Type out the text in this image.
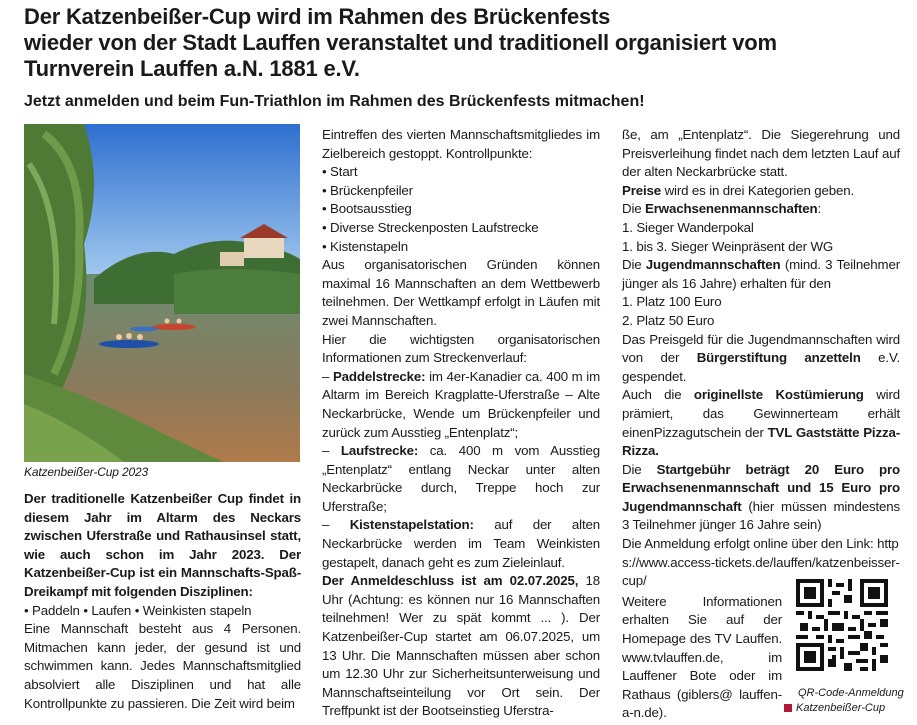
Der Katzenbeißer-Cup wird im Rahmen des Brückenfests
wieder von der Stadt Lauffen veranstaltet und traditionell organisiert vom
Turnverein Lauffen a.N. 1881 e.V.
Jetzt anmelden und beim Fun-Triathlon im Rahmen des Brückenfests mitmachen!
Katzenbeißer-Cup 2023

Der traditionelle Katzenbeißer Cup findet in diesem Jahr im Altarm des Neckars zwischen Uferstraße und Rathausinsel statt, wie auch schon im Jahr 2023. Der Katzenbeißer-Cup ist ein Mannschafts-Spaß-Dreikampf mit folgenden Disziplinen:

• Paddeln • Laufen • Weinkisten stapeln

Eine Mannschaft besteht aus 4 Personen. Mitmachen kann jeder, der gesund ist und schwimmen kann. Jedes Mannschaftsmitglied absolviert alle Disziplinen und hat alle Kontrollpunkte zu passieren. Die Zeit wird beim

Eintreffen des vierten Mannschaftsmitgliedes im Zielbereich gestoppt. Kontrollpunkte:

• Start

• Brückenpfeiler

• Bootsausstieg

• Diverse Streckenposten Laufstrecke

• Kistenstapeln

Aus organisatorischen Gründen können maximal 16 Mannschaften an dem Wettbewerb teilnehmen. Der Wettkampf erfolgt in Läufen mit zwei Mannschaften.

Hier die wichtigsten organisatorischen Informationen zum Streckenverlauf:

– Paddelstrecke: im 4er-Kanadier ca. 400 m im Altarm im Bereich Kragplatte-Uferstraße – Alte Neckarbrücke, Wende um Brückenpfeiler und zurück zum Ausstieg „Entenplatz“;

– Laufstrecke: ca. 400 m vom Ausstieg „Entenplatz“ entlang Neckar unter alten Neckarbrücke durch, Treppe hoch zur Uferstraße;

– Kistenstapelstation: auf der alten Neckarbrücke werden im Team Weinkisten gestapelt, danach geht es zum Zieleinlauf.

Der Anmeldeschluss ist am 02.07.2025, 18 Uhr (Achtung: es können nur 16 Mannschaften teilnehmen! Wer zu spät kommt ... ). Der Katzenbeißer-Cup startet am 06.07.2025, um 13 Uhr. Die Mannschaften müssen aber schon um 12.30 Uhr zur Sicherheitsunterweisung und Mannschaftseinteilung vor Ort sein. Der Treffpunkt ist der Bootseinstieg Uferstra-

ße, am „Entenplatz“. Die Siegerehrung und Preisverleihung findet nach dem letzten Lauf auf der alten Neckarbrücke statt.

Preise wird es in drei Kategorien geben.

Die Erwachsenenmannschaften:

1. Sieger Wanderpokal

1. bis 3. Sieger Weinpräsent der WG

Die Jugendmannschaften (mind. 3 Teilnehmer jünger als 16 Jahre) erhalten für den

1. Platz 100 Euro

2. Platz 50 Euro

Das Preisgeld für die Jugendmannschaften wird von der Bürgerstiftung anzetteln e.V. gespendet.

Auch die originellste Kostümierung wird prämiert, das Gewinnerteam erhält einenPizzagutschein der TVL Gaststätte Pizza-Rizza.

Die Startgebühr beträgt 20 Euro pro Erwachsenenmannschaft und 15 Euro pro Jugendmannschaft (hier müssen mindestens 3 Teilnehmer jünger 16 Jahre sein)

Die Anmeldung erfolgt online über den Link: https://www.access-tickets.de/lauffen/katzenbeisser-cup/

Weitere Informationen erhalten Sie auf der Homepage des TV Lauffen. www.tvlauffen.de, im Lauffener Bote oder im Rathaus (giblers@ lauffen-a-n.de).

QR-Code-Anmeldung
Katzenbeißer-Cup
